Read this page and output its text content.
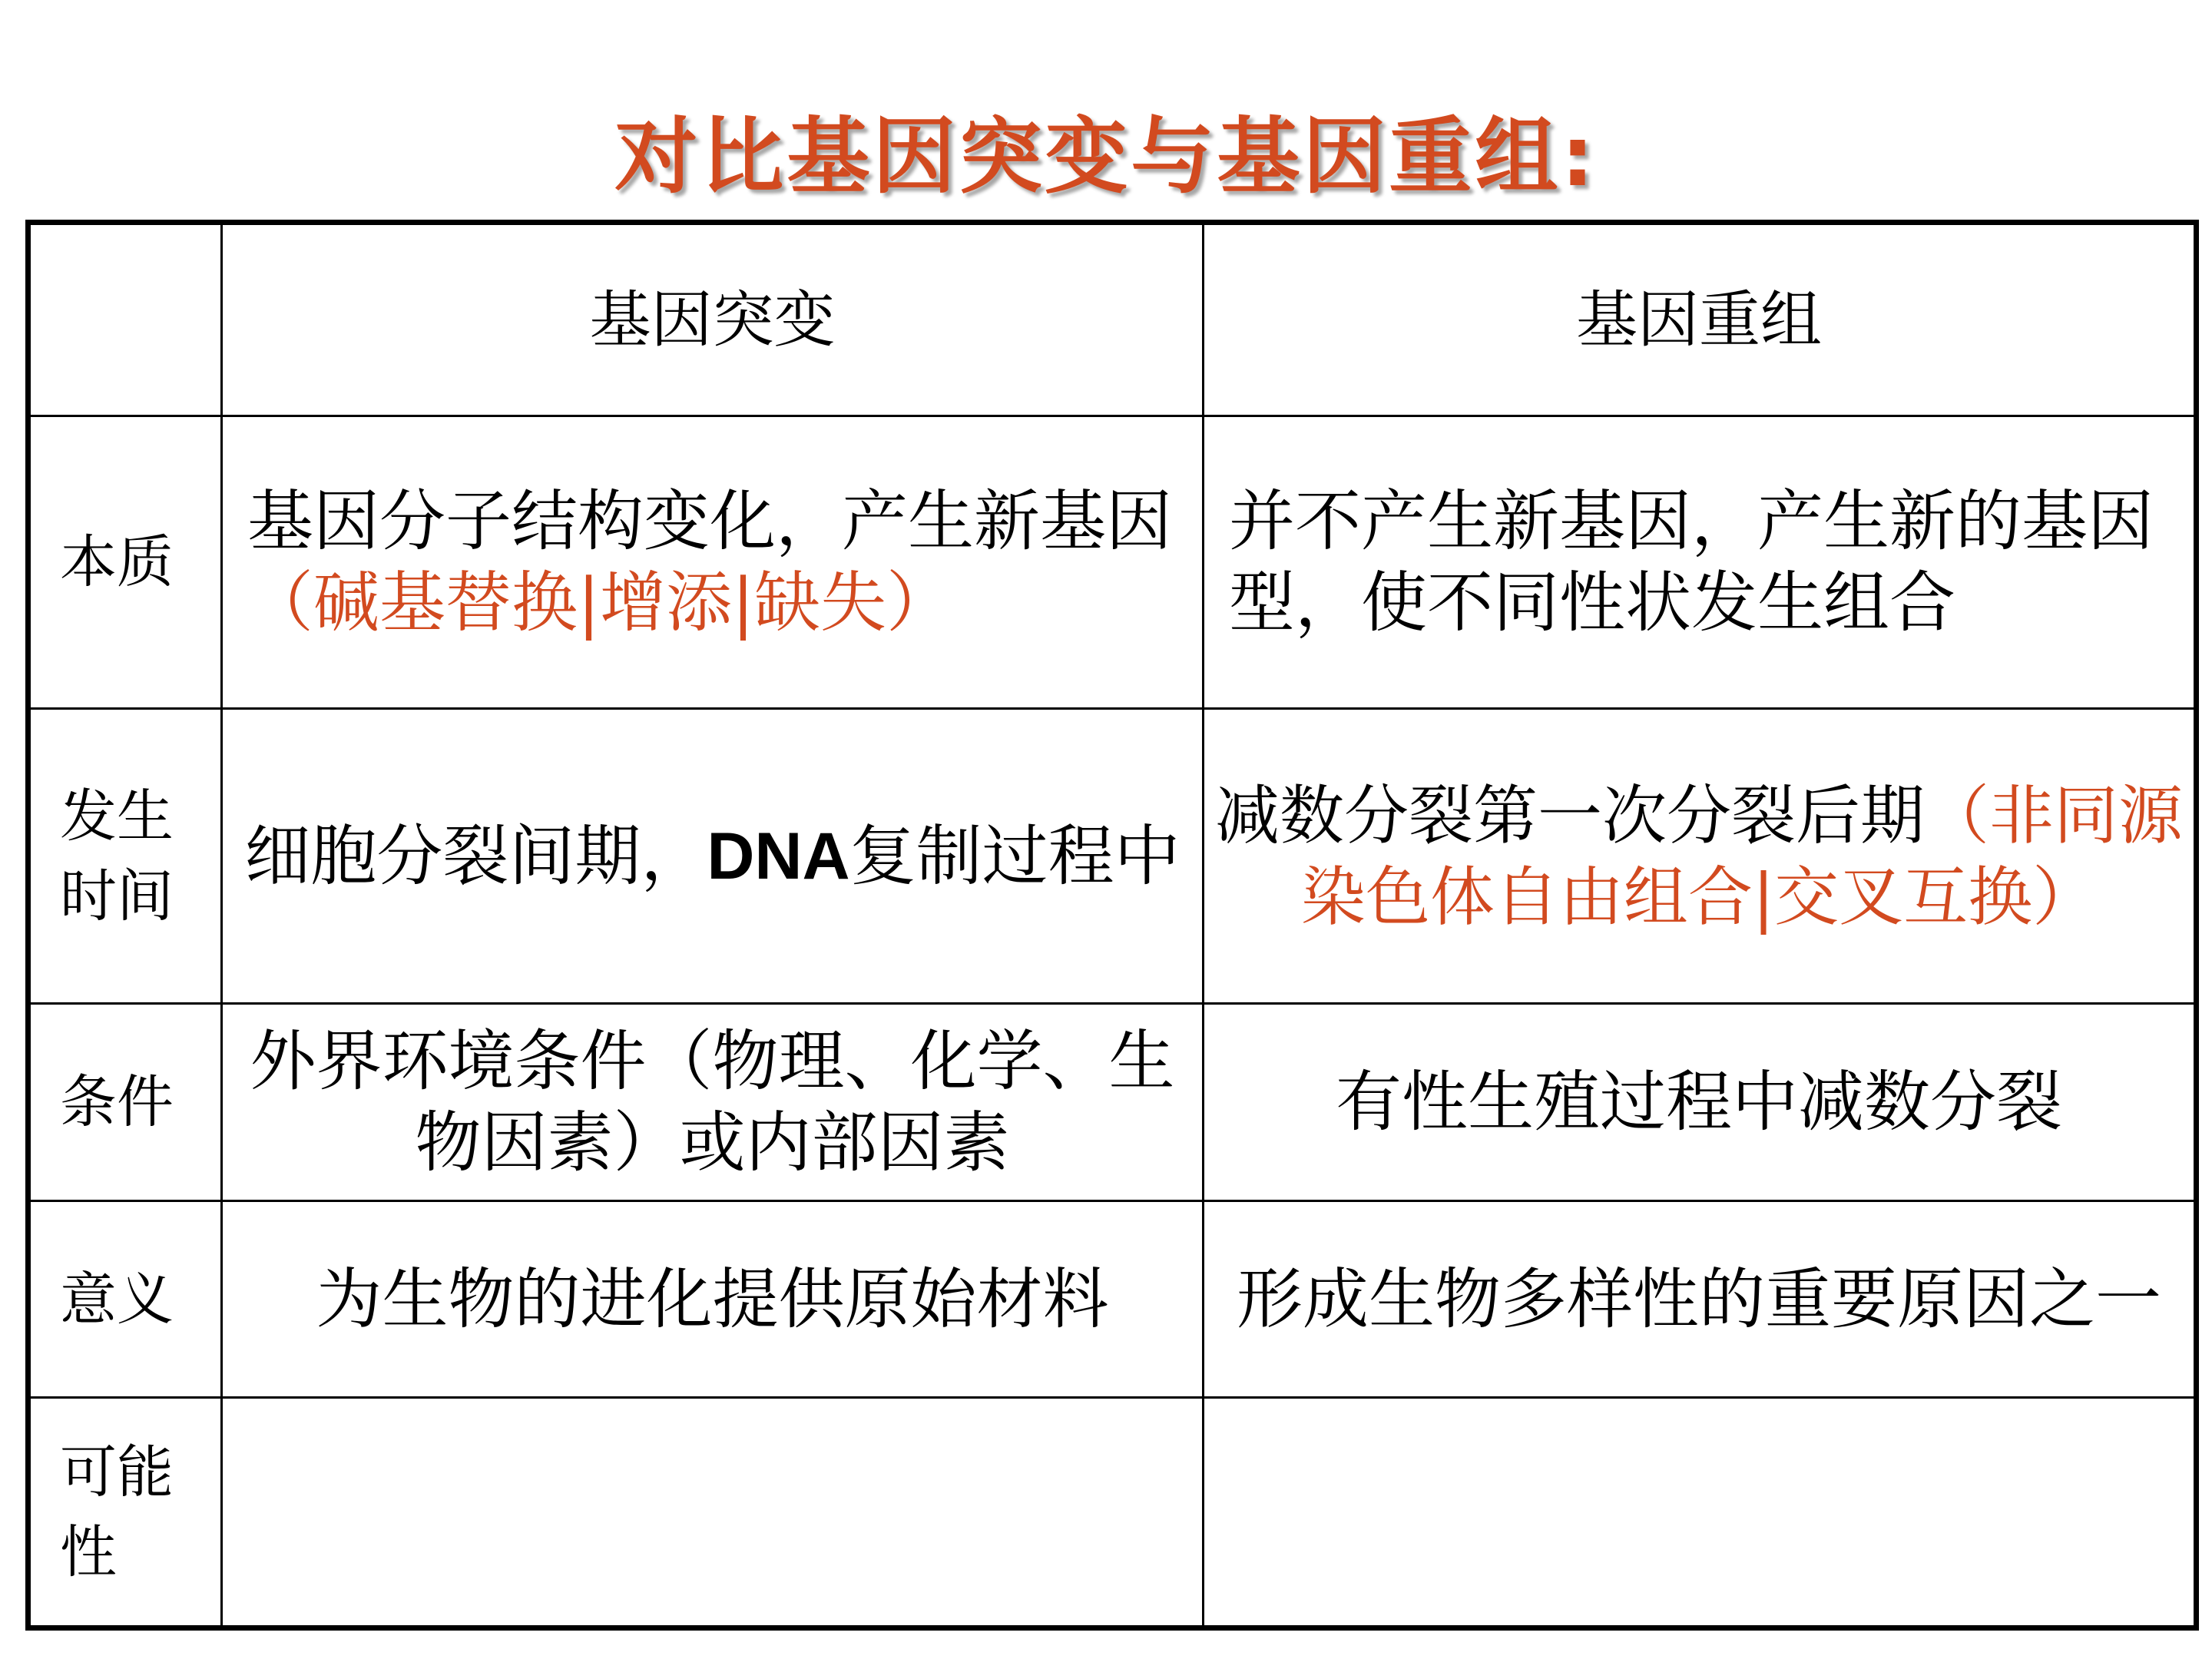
对比基因突变与基因重组:
	基因突变	基因重组
本质	基因分子结构变化，产生新基因（碱基替换|增添|缺失）	并不产生新基因，产生新的基因型，使不同性状发生组合
发生时间	细胞分裂间期，DNA复制过程中	减数分裂第一次分裂后期（非同源染色体自由组合|交叉互换）
条件	外界环境条件（物理、化学、生物因素）或内部因素	有性生殖过程中减数分裂
意义	为生物的进化提供原始材料	形成生物多样性的重要原因之一
可能性		
